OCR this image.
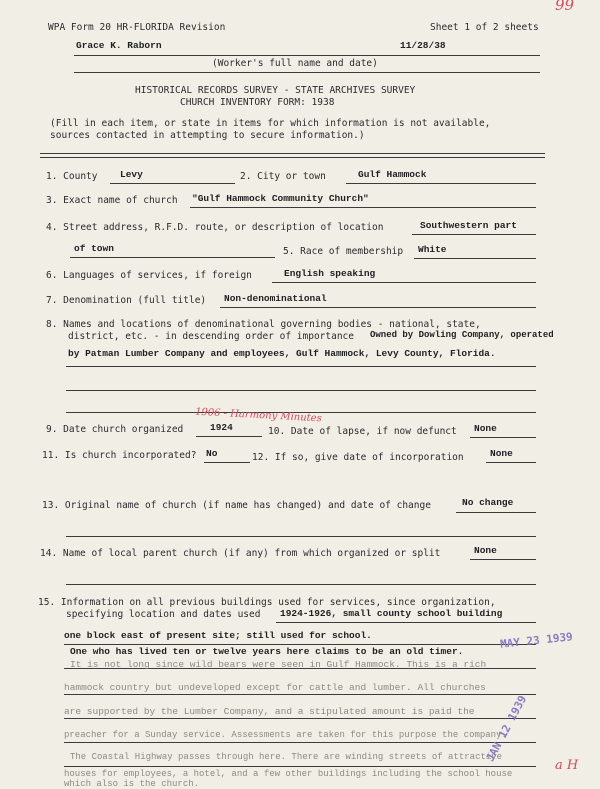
WPA Form 20 HR-FLORIDA Revision	Sheet 1 of 2 sheets
99
Grace K. Raborn	11/28/38
(Worker's full name and date)
HISTORICAL RECORDS SURVEY - STATE ARCHIVES SURVEY
CHURCH INVENTORY FORM: 1938
(Fill in each item, or state in items for which information is not available,
sources contacted in attempting to secure information.)
1. County Levy	2. City or town	Gulf Hammock
3. Exact name of church "Gulf Hammock Community Church"
4. Street address, R.F.D. route, or description of location	Southwestern part
of town	5. Race of membership White
6. Languages of services, if foreign	English speaking
7. Denomination (full title) Non-denominational
8. Names and locations of denominational governing bodies - national, state,
district, etc. - in descending order of importance Owned by Dowling Company, operated
by Patman Lumber Company and employees, Gulf Hammock, Levy County, Florida.
1906 - Harmony Minutes
9. Date church organized	1924	10. Date of lapse, if now defunct None
11. Is church incorporated? No	12. If so, give date of incorporation	None
13. Original name of church (if name has changed) and date of change	No change
14. Name of local parent church (if any) from which organized or split	None
15. Information on all previous buildings used for services, since organization,
specifying location and dates used 1924-1926, small county school building
one block east of present site; still used for school.
One who has lived ten or twelve years here claims to be an old timer.
It is not long since wild bears were seen in Gulf Hammock. This is a rich
hammock country but undeveloped except for cattle and lumber. All churches
are supported by the Lumber Company, and a stipulated amount is paid the
preacher for a Sunday service. Assessments are taken for this purpose the company.
The Coastal Highway passes through here. There are winding streets of attractive
houses for employees, a hotel, and a few other buildings including the school house
which also is the church.
MAY 23 1939
JAN 12 1939
a H
